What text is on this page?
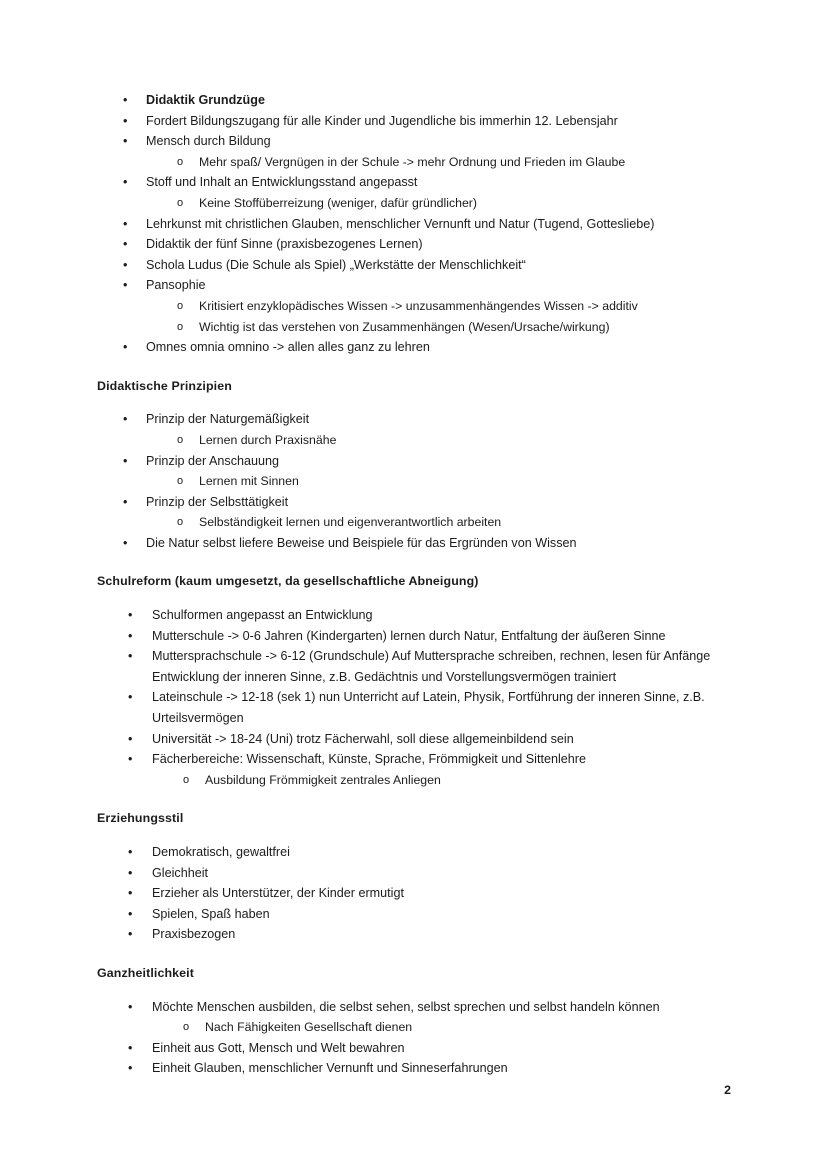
•	Didaktik Grundzüge
•	Fordert Bildungszugang für alle Kinder und Jugendliche bis immerhin 12. Lebensjahr
•	Mensch durch Bildung
o	Mehr spaß/ Vergnügen in der Schule -> mehr Ordnung und Frieden im Glaube
•	Stoff und Inhalt an Entwicklungsstand angepasst
o	Keine Stoffüberreizung (weniger, dafür gründlicher)
•	Lehrkunst mit christlichen Glauben, menschlicher Vernunft und Natur (Tugend, Gottesliebe)
•	Didaktik der fünf Sinne (praxisbezogenes Lernen)
•	Schola Ludus (Die Schule als Spiel) „Werkstätte der Menschlichkeit“
•	Pansophie
o	Kritisiert enzyklopädisches Wissen -> unzusammenhängendes Wissen -> additiv
o	Wichtig ist das verstehen von Zusammenhängen (Wesen/Ursache/wirkung)
•	Omnes omnia omnino -> allen alles ganz zu lehren
Didaktische Prinzipien
•	Prinzip der Naturgemäßigkeit
o	Lernen durch Praxisnähe
•	Prinzip der Anschauung
o	Lernen mit Sinnen
•	Prinzip der Selbsttätigkeit
o	Selbständigkeit lernen und eigenverantwortlich arbeiten
•	Die Natur selbst liefere Beweise und Beispiele für das Ergründen von Wissen
Schulreform (kaum umgesetzt, da gesellschaftliche Abneigung)
•	Schulformen angepasst an Entwicklung
•	Mutterschule -> 0-6 Jahren (Kindergarten) lernen durch Natur, Entfaltung der äußeren Sinne
•	Muttersprachschule -> 6-12 (Grundschule) Auf Muttersprache schreiben, rechnen, lesen für Anfänge Entwicklung der inneren Sinne, z.B. Gedächtnis und Vorstellungsvermögen trainiert
•	Lateinschule -> 12-18 (sek 1) nun Unterricht auf Latein, Physik, Fortführung der inneren Sinne, z.B. Urteilsvermögen
•	Universität -> 18-24 (Uni) trotz Fächerwahl, soll diese allgemeinbildend sein
•	Fächerbereiche: Wissenschaft, Künste, Sprache, Frömmigkeit und Sittenlehre
o	Ausbildung Frömmigkeit zentrales Anliegen
Erziehungsstil
•	Demokratisch, gewaltfrei
•	Gleichheit
•	Erzieher als Unterstützer, der Kinder ermutigt
•	Spielen, Spaß haben
•	Praxisbezogen
Ganzheitlichkeit
•	Möchte Menschen ausbilden, die selbst sehen, selbst sprechen und selbst handeln können
o	Nach Fähigkeiten Gesellschaft dienen
•	Einheit aus Gott, Mensch und Welt bewahren
•	Einheit Glauben, menschlicher Vernunft und Sinneserfahrungen
2
